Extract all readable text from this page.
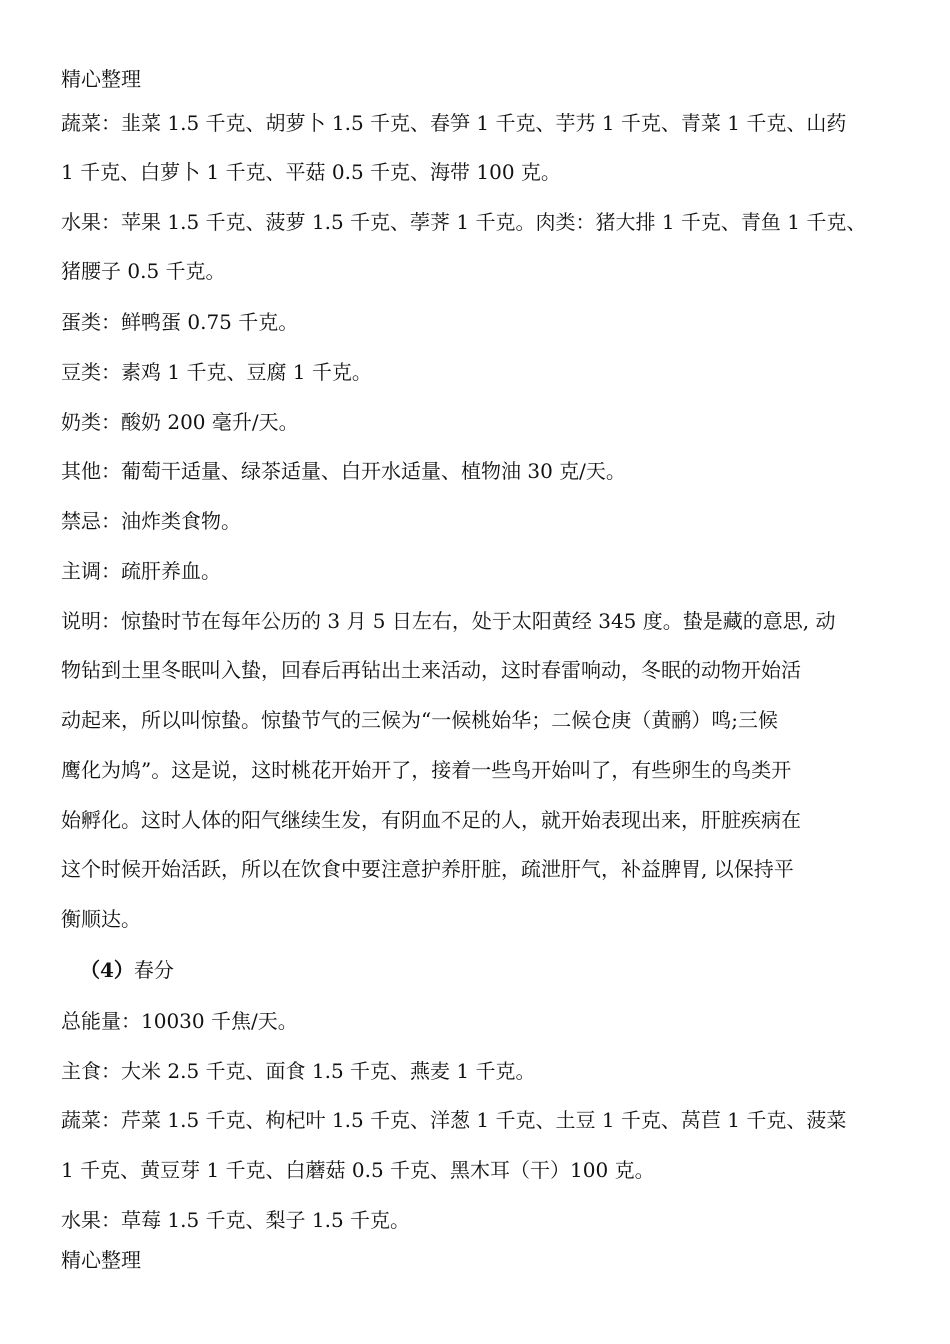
精心整理

蔬菜：韭菜 1.5 千克、胡萝卜 1.5 千克、春笋 1 千克、芋艿 1 千克、青菜 1 千克、山药

1 千克、白萝卜 1 千克、平菇 0.5 千克、海带 100 克。

水果：苹果 1.5 千克、菠萝 1.5 千克、荸荠 1 千克。肉类：猪大排 1 千克、青鱼 1 千克、

猪腰子 0.5 千克。

蛋类：鲜鸭蛋 0.75 千克。

豆类：素鸡 1 千克、豆腐 1 千克。

奶类：酸奶 200 毫升/天。

其他：葡萄干适量、绿茶适量、白开水适量、植物油 30 克/天。

禁忌：油炸类食物。

主调：疏肝养血。

说明：惊蛰时节在每年公历的 3 月 5 日左右，处于太阳黄经 345 度。蛰是藏的意思, 动

物钻到土里冬眠叫入蛰，回春后再钻出土来活动，这时春雷响动，冬眠的动物开始活

动起来，所以叫惊蛰。惊蛰节气的三候为“一候桃始华；二候仓庚（黄鹂）鸣;三候

鹰化为鸠”。这是说，这时桃花开始开了，接着一些鸟开始叫了，有些卵生的鸟类开

始孵化。这时人体的阳气继续生发，有阴血不足的人，就开始表现出来，肝脏疾病在

这个时候开始活跃，所以在饮食中要注意护养肝脏，疏泄肝气，补益脾胃, 以保持平

衡顺达。

（4）春分

总能量：10030 千焦/天。

主食：大米 2.5 千克、面食 1.5 千克、燕麦 1 千克。

蔬菜：芹菜 1.5 千克、枸杞叶 1.5 千克、洋葱 1 千克、土豆 1 千克、莴苣 1 千克、菠菜

1 千克、黄豆芽 1 千克、白蘑菇 0.5 千克、黑木耳（干）100 克。

水果：草莓 1.5 千克、梨子 1.5 千克。

精心整理
